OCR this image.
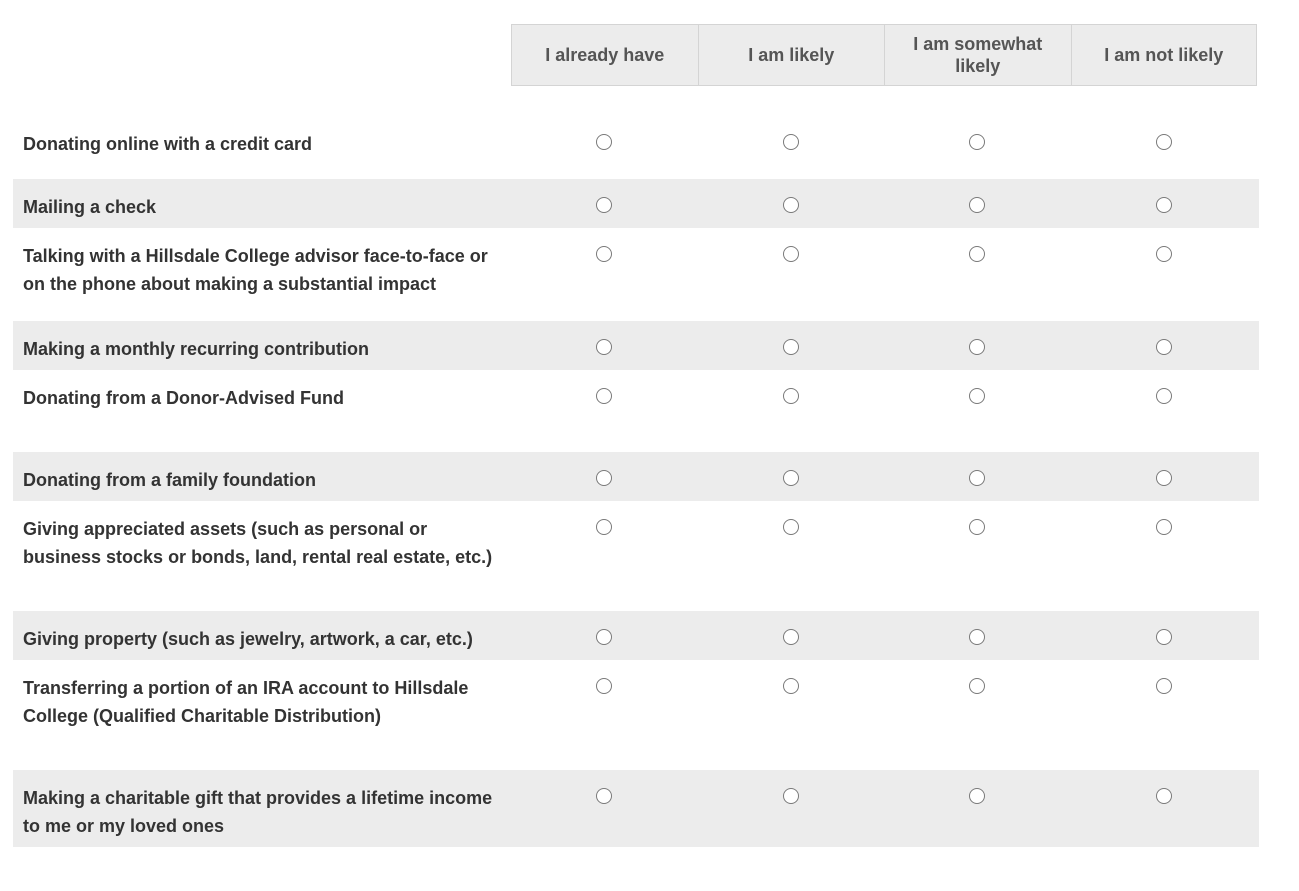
I already have	I am likely
I am somewhat likely
I am not likely
Donating online with a credit card
Mailing a check
Talking with a Hillsdale College advisor face-to-face or on the phone about making a substantial impact
Making a monthly recurring contribution
Donating from a Donor-Advised Fund
Donating from a family foundation
Giving appreciated assets (such as personal or business stocks or bonds, land, rental real estate, etc.)
Giving property (such as jewelry, artwork, a car, etc.)
Transferring a portion of an IRA account to Hillsdale College (Qualified Charitable Distribution)
Making a charitable gift that provides a lifetime income to me or my loved ones
